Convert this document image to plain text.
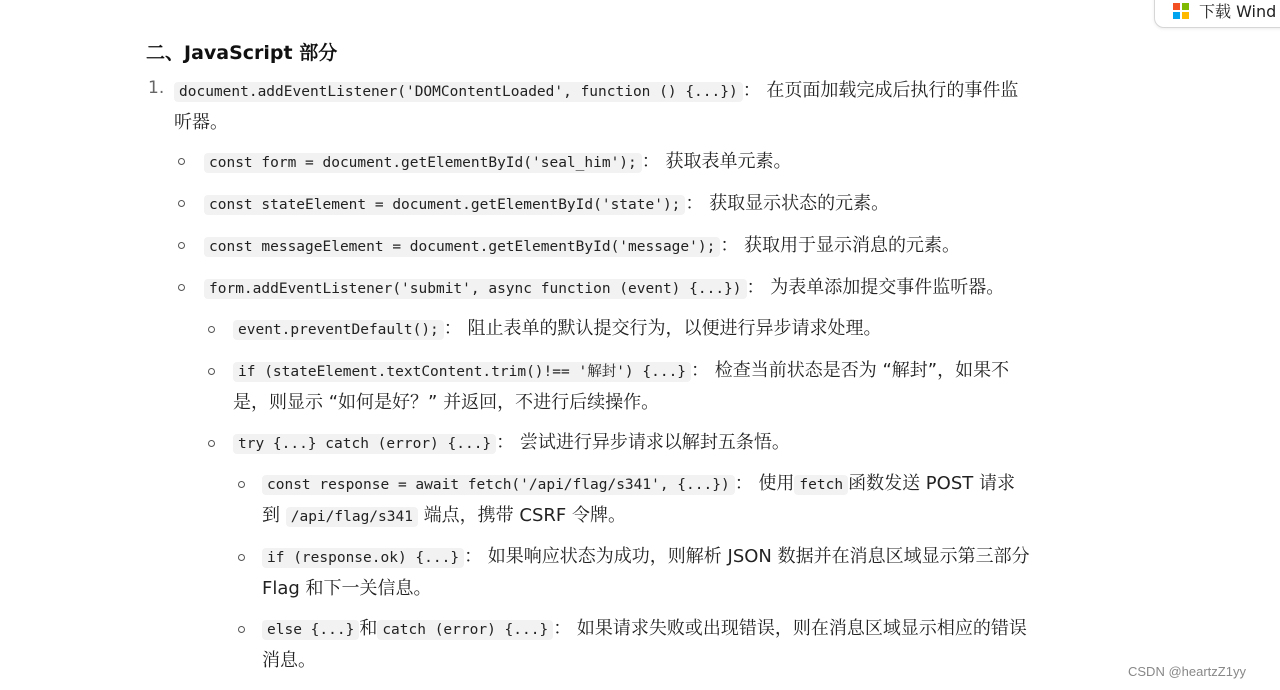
下载 Wind
二、JavaScript 部分
1.	document.addEventListener('DOMContentLoaded', function () {...}) ： 在页面加载完成后执行的事件监
听器。
const form = document.getElementById('seal_him'); ： 获取表单元素。
const stateElement = document.getElementById('state'); ： 获取显示状态的元素。
const messageElement = document.getElementById('message'); ： 获取用于显示消息的元素。
form.addEventListener('submit', async function (event) {...}) ： 为表单添加提交事件监听器。
event.preventDefault(); ： 阻止表单的默认提交行为，以便进行异步请求处理。
if (stateElement.textContent.trim()!== '解封') {...} ： 检查当前状态是否为 “解封”，如果不
是，则显示 “如何是好？” 并返回，不进行后续操作。
try {...} catch (error) {...} ： 尝试进行异步请求以解封五条悟。
const response = await fetch('/api/flag/s341', {...}) ： 使用 fetch 函数发送 POST 请求
到 /api/flag/s341 端点，携带 CSRF 令牌。
if (response.ok) {...} ： 如果响应状态为成功，则解析 JSON 数据并在消息区域显示第三部分
Flag 和下一关信息。
else {...} 和 catch (error) {...} ： 如果请求失败或出现错误，则在消息区域显示相应的错误
消息。
CSDN @heartzZ1yy
